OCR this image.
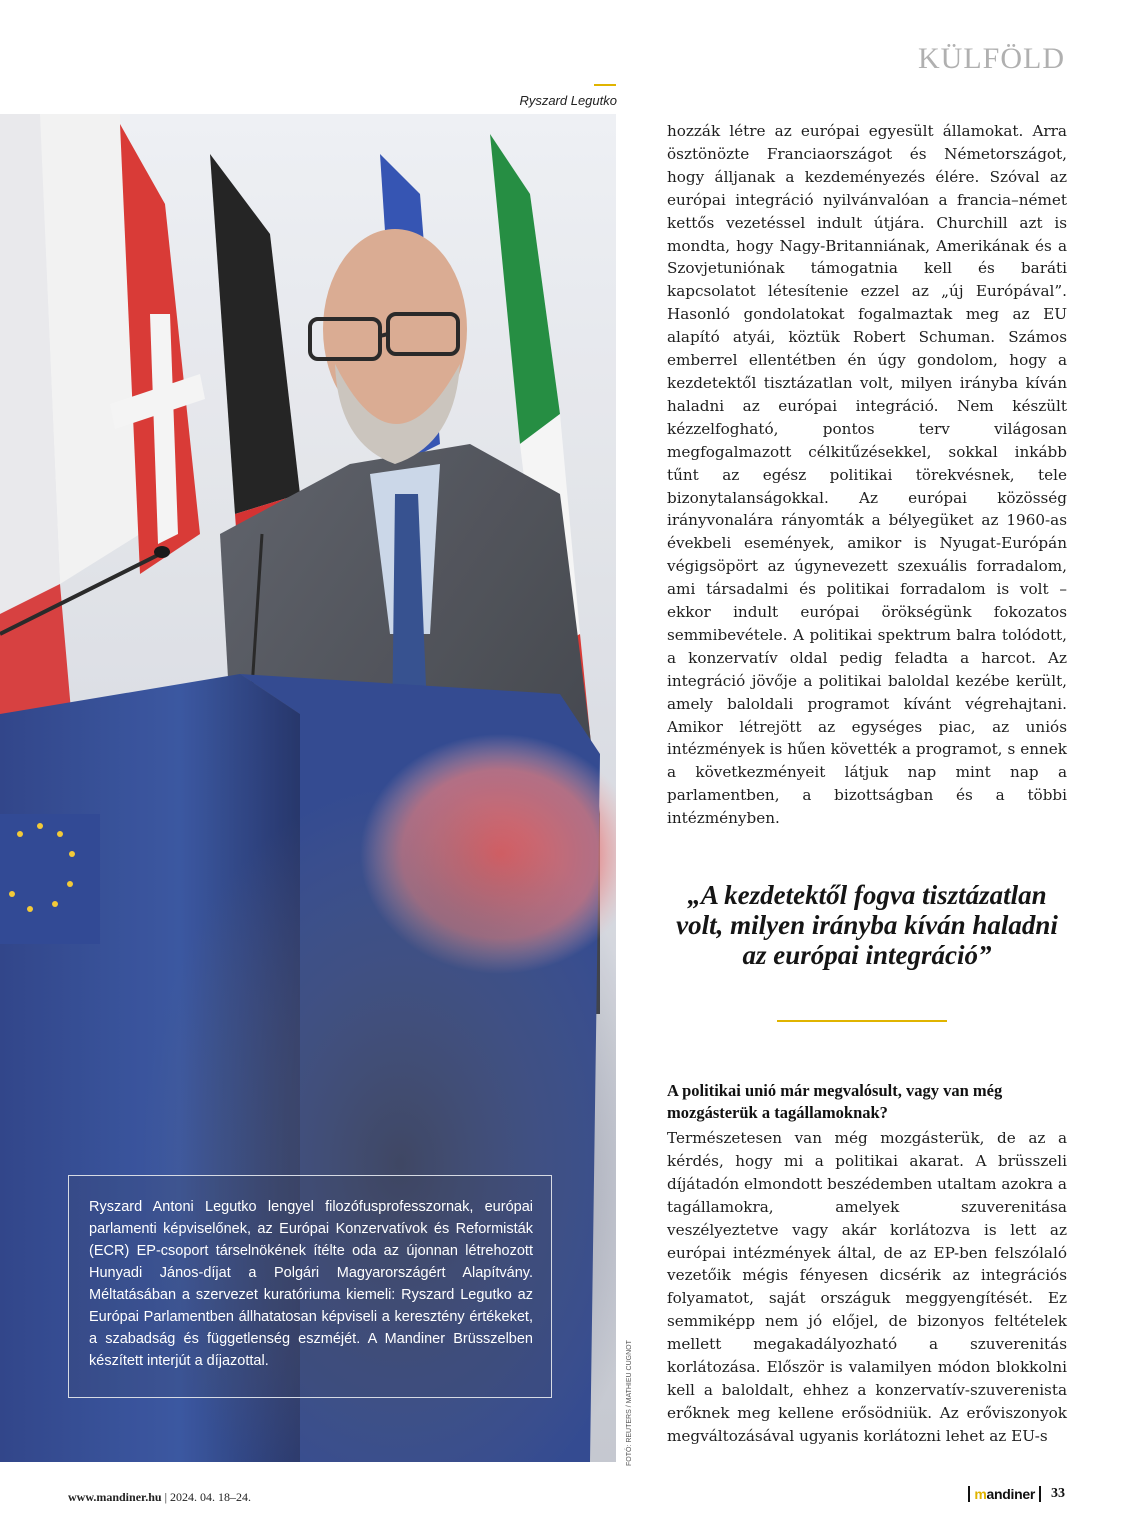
KÜLFÖLD
Ryszard Legutko
FOTÓ: REUTERS / MATHIEU CUGNOT
Ryszard Antoni Legutko lengyel filozófusprofesszornak, európai parlamenti képviselőnek, az Európai Konzervatívok és Reformisták (ECR) EP-csoport társelnökének ítélte oda az újonnan létrehozott Hunyadi János-díjat a Polgári Magyarországért Alapítvány. Méltatásában a szervezet kuratóriuma kiemeli: Ryszard Legutko az Európai Parlamentben állhatatosan képviseli a keresztény értékeket, a szabadság és függetlenség eszméjét. A Mandiner Brüsszelben készített interjút a díjazottal.
hozzák létre az európai egyesült államokat. Arra ösztönözte Franciaországot és Németországot, hogy álljanak a kezdeményezés élére. Szóval az európai integráció nyilvánvalóan a francia–német kettős vezetéssel indult útjára. Churchill azt is mondta, hogy Nagy-Britanniának, Amerikának és a Szovjetuniónak támogatnia kell és baráti kapcsolatot létesítenie ezzel az „új Európával”. Hasonló gondolatokat fogalmaztak meg az EU alapító atyái, köztük Robert Schuman. Számos emberrel ellentétben én úgy gondolom, hogy a kezdetektől tisztázatlan volt, milyen irányba kíván haladni az európai integráció. Nem készült kézzelfogható, pontos terv világosan megfogalmazott célkitűzésekkel, sokkal inkább tűnt az egész politikai törekvésnek, tele bizonytalanságokkal. Az európai közösség irányvonalára rányomták a bélyegüket az 1960-as évekbeli események, amikor is Nyugat-Európán végigsöpört az úgynevezett szexuális forradalom, ami társadalmi és politikai forradalom is volt – ekkor indult európai örökségünk fokozatos semmibevétele. A politikai spektrum balra tolódott, a konzervatív oldal pedig feladta a harcot. Az integráció jövője a politikai baloldal kezébe került, amely baloldali programot kívánt végrehajtani. Amikor létrejött az egységes piac, az uniós intézmények is hűen követték a programot, s ennek a következményeit látjuk nap mint nap a parlamentben, a bizottságban és a többi intézményben.
„A kezdetektől fogva tisztázatlan volt, milyen irányba kíván haladni az európai integráció”
A politikai unió már megvalósult, vagy van még mozgásterük a tagállamoknak?
Természetesen van még mozgásterük, de az a kérdés, hogy mi a politikai akarat. A brüsszeli díjátadón elmondott beszédemben utaltam azokra a tagállamokra, amelyek szuverenitása veszélyeztetve vagy akár korlátozva is lett az európai intézmények által, de az EP-ben felszólaló vezetőik mégis fényesen dicsérik az integrációs folyamatot, saját országuk meggyengítését. Ez semmiképp nem jó előjel, de bizonyos feltételek mellett megakadályozható a szuverenitás korlátozása. Először is valamilyen módon blokkolni kell a baloldalt, ehhez a konzervatív-szuverenista erőknek meg kellene erősödniük. Az erőviszonyok megváltozásával ugyanis korlátozni lehet az EU-s
www.mandiner.hu | 2024. 04. 18–24.	mandiner	33
